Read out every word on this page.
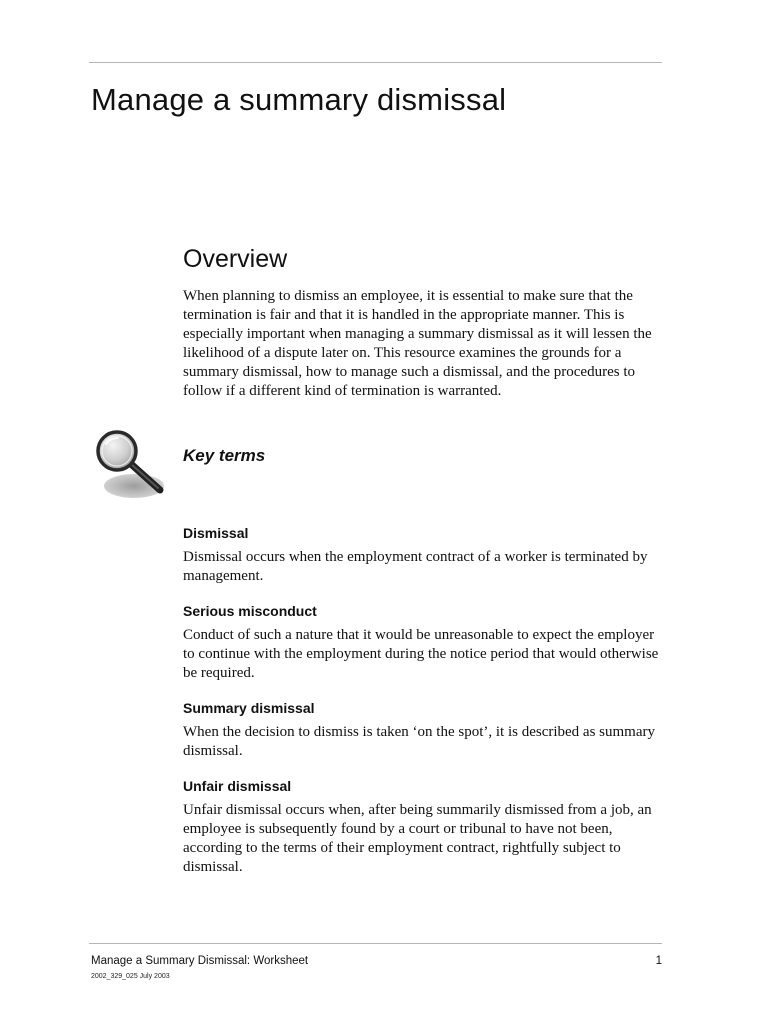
Manage a summary dismissal
Overview

When planning to dismiss an employee, it is essential to make sure that the termination is fair and that it is handled in the appropriate manner. This is especially important when managing a summary dismissal as it will lessen the likelihood of a dispute later on. This resource examines the grounds for a summary dismissal, how to manage such a dismissal, and the procedures to follow if a different kind of termination is warranted.

Key terms

Dismissal

Dismissal occurs when the employment contract of a worker is terminated by management.

Serious misconduct

Conduct of such a nature that it would be unreasonable to expect the employer to continue with the employment during the notice period that would otherwise be required.

Summary dismissal

When the decision to dismiss is taken ‘on the spot’, it is described as summary dismissal.

Unfair dismissal

Unfair dismissal occurs when, after being summarily dismissed from a job, an employee is subsequently found by a court or tribunal to have not been, according to the terms of their employment contract, rightfully subject to dismissal.

Manage a Summary Dismissal: Worksheet	1
2002_329_025 July 2003
